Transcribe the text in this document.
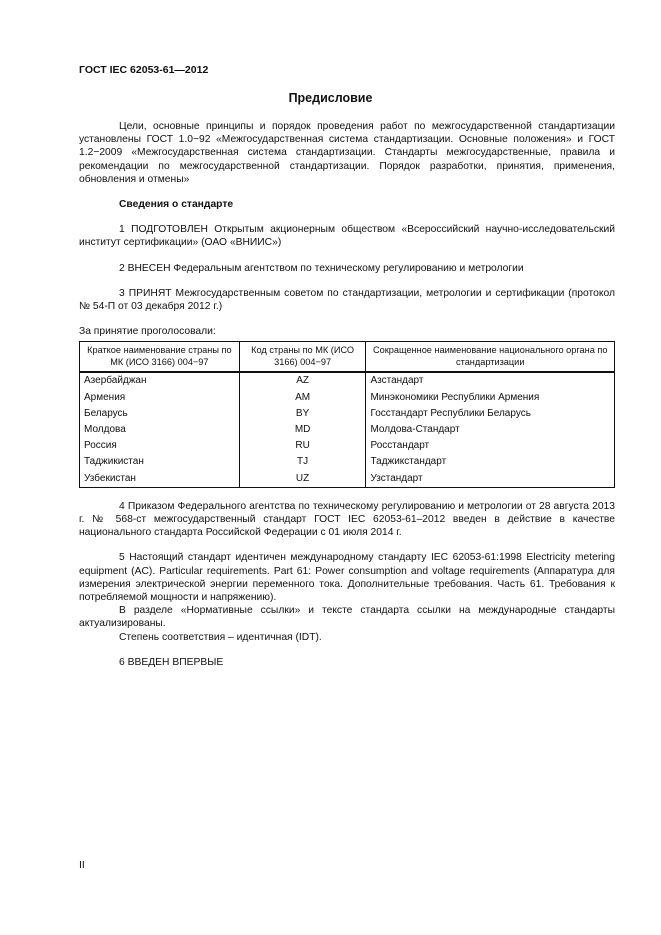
ГОСТ IEC 62053-61—2012
Предисловие

Цели, основные принципы и порядок проведения работ по межгосударственной стандартизации установлены ГОСТ 1.0−92 «Межгосударственная система стандартизации. Основные положения» и ГОСТ 1.2−2009 «Межгосударственная система стандартизации. Стандарты межгосударственные, правила и рекомендации по межгосударственной стандартизации. Порядок разработки, принятия, применения, обновления и отмены»

Сведения о стандарте

1 ПОДГОТОВЛЕН Открытым акционерным обществом «Всероссийский научно-исследовательский институт сертификации» (ОАО «ВНИИС»)

2 ВНЕСЕН Федеральным агентством по техническому регулированию и метрологии

3 ПРИНЯТ Межгосударственным советом по стандартизации, метрологии и сертификации (протокол № 54-П от 03 декабря 2012 г.)

За принятие проголосовали:

Краткое наименование страны по МК (ИСО 3166) 004−97	Код страны по МК (ИСО 3166) 004−97	Сокращенное наименование национального органа по стандартизации
Азербайджан	AZ	Азстандарт
Армения	AM	Минэкономики Республики Армения
Беларусь	BY	Госстандарт Республики Беларусь
Молдова	MD	Молдова-Стандарт
Россия	RU	Росстандарт
Таджикистан	TJ	Таджикстандарт
Узбекистан	UZ	Узстандарт

4 Приказом Федерального агентства по техническому регулированию и метрологии от 28 августа 2013 г. № 568-ст межгосударственный стандарт ГОСТ IEC 62053-61–2012 введен в действие в качестве национального стандарта Российской Федерации с 01 июля 2014 г.

5 Настоящий стандарт идентичен международному стандарту IEC 62053-61:1998 Electricity metering equipment (AC). Particular requirements. Part 61: Power consumption and voltage requirements (Аппаратура для измерения электрической энергии переменного тока. Дополнительные требования. Часть 61. Требования к потребляемой мощности и напряжению).

В разделе «Нормативные ссылки» и тексте стандарта ссылки на международные стандарты актуализированы.

Степень соответствия – идентичная (IDT).

6 ВВЕДЕН ВПЕРВЫЕ

II
